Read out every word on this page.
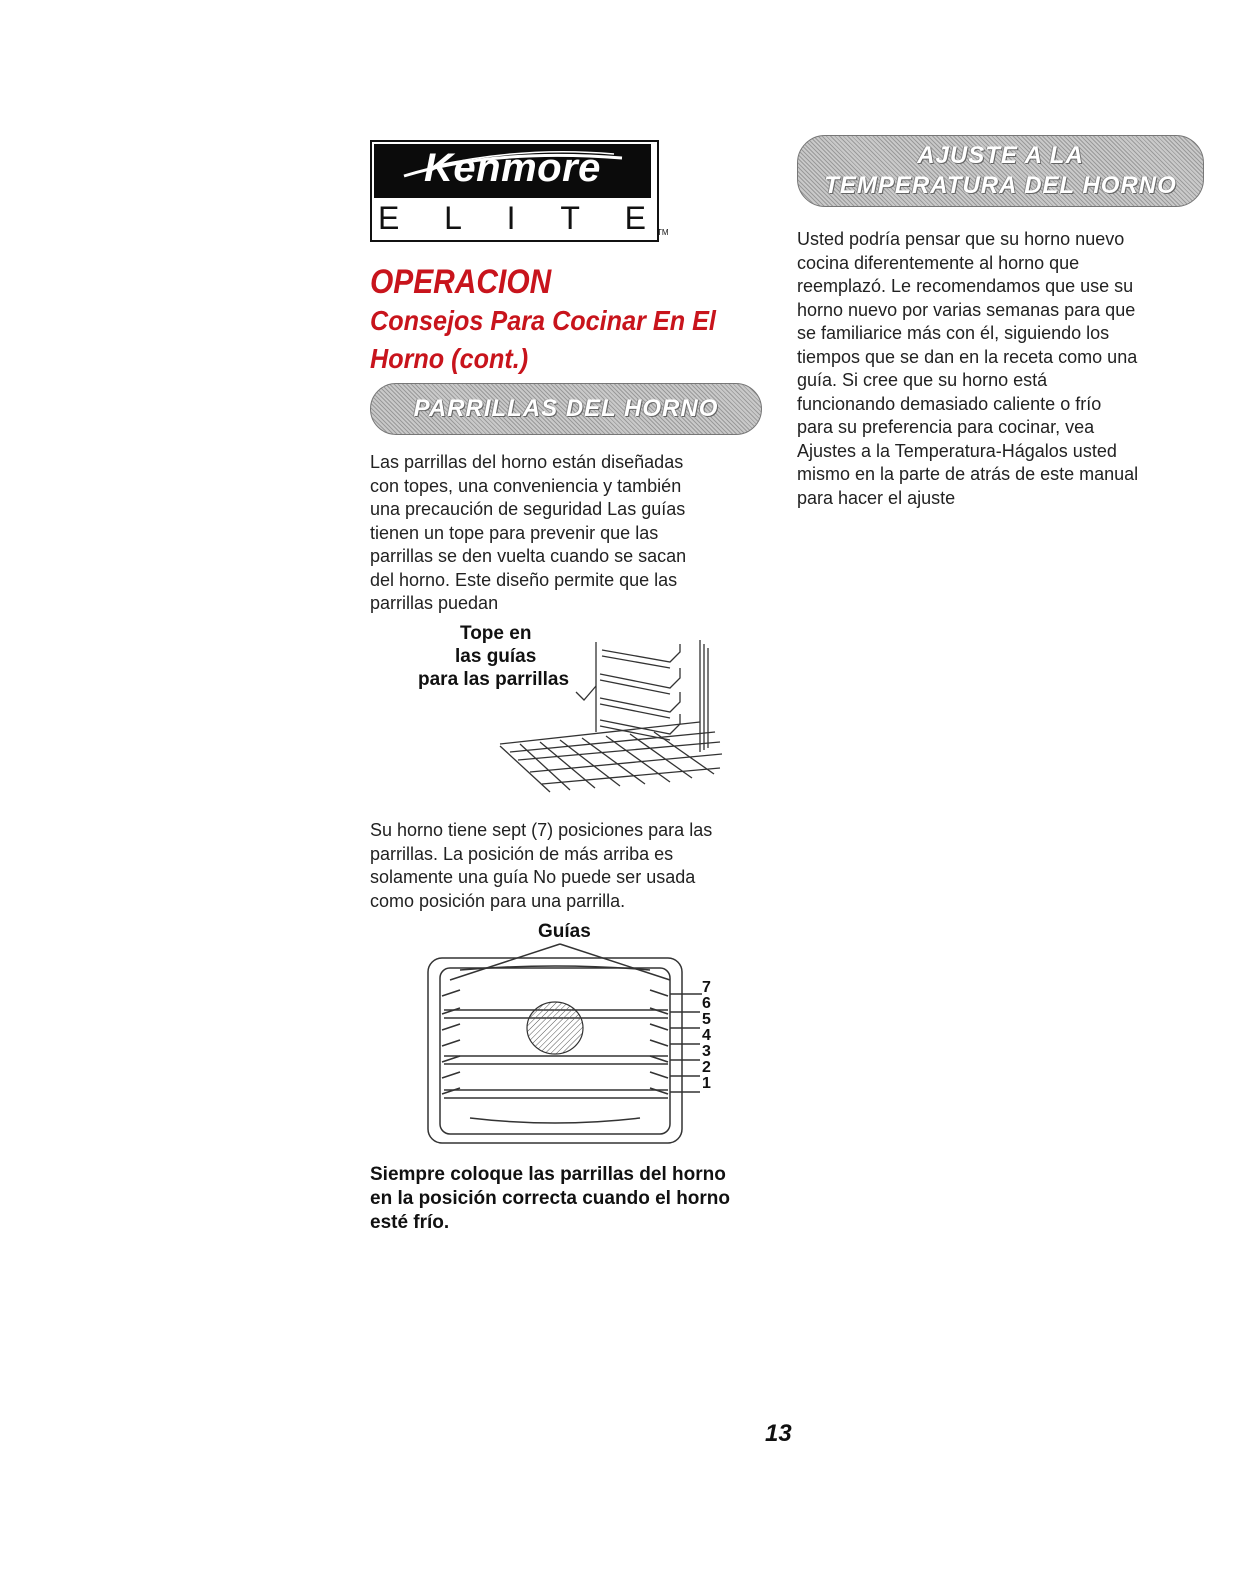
Kenmore
E L I T E TM
OPERACION
Consejos Para Cocinar En El
Horno (cont.)
PARRILLAS DEL HORNO

Las parrillas del horno están diseñadas

con topes, una conveniencia y también

una precaución de seguridad Las guías

tienen un tope para prevenir que las

parrillas se den vuelta cuando se sacan

del horno. Este diseño permite que las

parrillas puedan

Tope en
las guías
para las parrillas

Su horno tiene sept (7) posiciones para las

parrillas. La posición de más arriba es

solamente una guía No puede ser usada

como posición para una parrilla.

Guías
7
6
5
4
3
2
1

Siempre coloque las parrillas del horno

en la posición correcta cuando el horno

esté frío.

AJUSTE A LA
TEMPERATURA DEL HORNO

Usted podría pensar que su horno nuevo

cocina diferentemente al horno que

reemplazó. Le recomendamos que use su

horno nuevo por varias semanas para que

se familiarice más con él, siguiendo los

tiempos que se dan en la receta como una

guía. Si cree que su horno está

funcionando demasiado caliente o frío

para su preferencia para cocinar, vea

Ajustes a la Temperatura-Hágalos usted

mismo en la parte de atrás de este manual

para hacer el ajuste

13
